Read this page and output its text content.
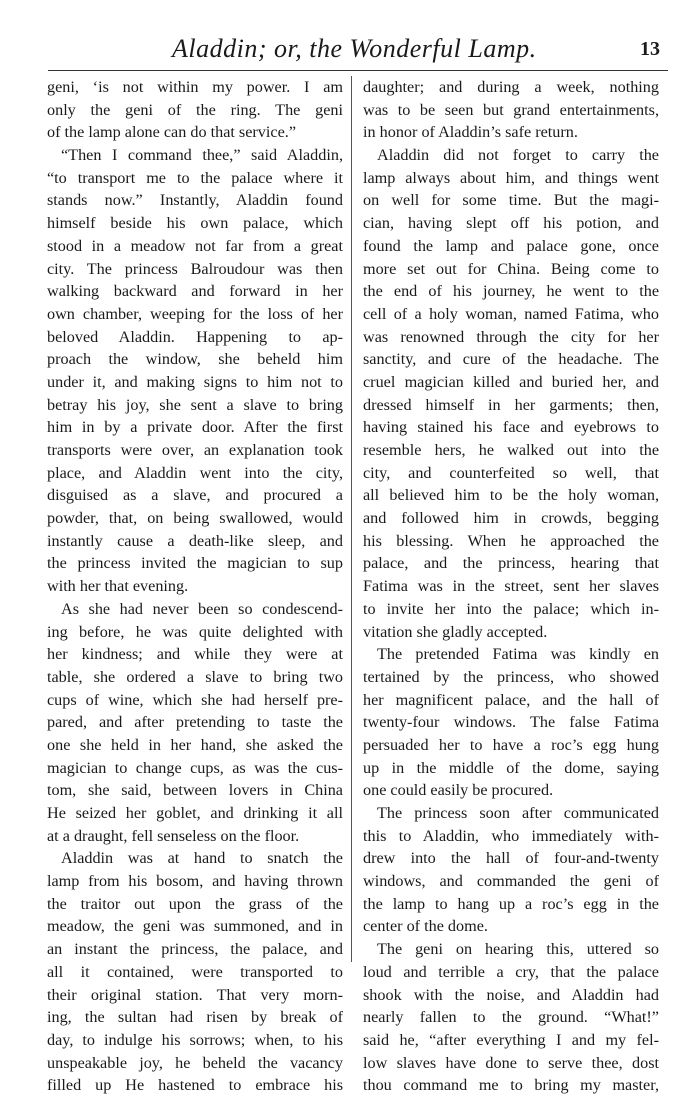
Aladdin; or, the Wonderful Lamp.	13
geni, ‘is not within my power. I am
only the geni of the ring. The geni
of the lamp alone can do that service.”
“Then I command thee,” said Aladdin,
“to transport me to the palace where it
stands now.” Instantly, Aladdin found
himself beside his own palace, which
stood in a meadow not far from a great
city. The princess Balroudour was then
walking backward and forward in her
own chamber, weeping for the loss of her
beloved Aladdin. Happening to ap-
proach the window, she beheld him
under it, and making signs to him not to
betray his joy, she sent a slave to bring
him in by a private door. After the first
transports were over, an explanation took
place, and Aladdin went into the city,
disguised as a slave, and procured a
powder, that, on being swallowed, would
instantly cause a death-like sleep, and
the princess invited the magician to sup
with her that evening.
As she had never been so condescend-
ing before, he was quite delighted with
her kindness; and while they were at
table, she ordered a slave to bring two
cups of wine, which she had herself pre-
pared, and after pretending to taste the
one she held in her hand, she asked the
magician to change cups, as was the cus-
tom, she said, between lovers in China
He seized her goblet, and drinking it all
at a draught, fell senseless on the floor.
Aladdin was at hand to snatch the
lamp from his bosom, and having thrown
the traitor out upon the grass of the
meadow, the geni was summoned, and in
an instant the princess, the palace, and
all it contained, were transported to
their original station. That very morn-
ing, the sultan had risen by break of
day, to indulge his sorrows; when, to his
unspeakable joy, he beheld the vacancy
filled up He hastened to embrace his
daughter; and during a week, nothing
was to be seen but grand entertainments,
in honor of Aladdin’s safe return.
Aladdin did not forget to carry the
lamp always about him, and things went
on well for some time. But the magi-
cian, having slept off his potion, and
found the lamp and palace gone, once
more set out for China. Being come to
the end of his journey, he went to the
cell of a holy woman, named Fatima, who
was renowned through the city for her
sanctity, and cure of the headache. The
cruel magician killed and buried her, and
dressed himself in her garments; then,
having stained his face and eyebrows to
resemble hers, he walked out into the
city, and counterfeited so well, that
all believed him to be the holy woman,
and followed him in crowds, begging
his blessing. When he approached the
palace, and the princess, hearing that
Fatima was in the street, sent her slaves
to invite her into the palace; which in-
vitation she gladly accepted.
The pretended Fatima was kindly en
tertained by the princess, who showed
her magnificent palace, and the hall of
twenty-four windows. The false Fatima
persuaded her to have a roc’s egg hung
up in the middle of the dome, saying
one could easily be procured.
The princess soon after communicated
this to Aladdin, who immediately with-
drew into the hall of four-and-twenty
windows, and commanded the geni of
the lamp to hang up a roc’s egg in the
center of the dome.
The geni on hearing this, uttered so
loud and terrible a cry, that the palace
shook with the noise, and Aladdin had
nearly fallen to the ground. “What!”
said he, “after everything I and my fel-
low slaves have done to serve thee, dost
thou command me to bring my master,
